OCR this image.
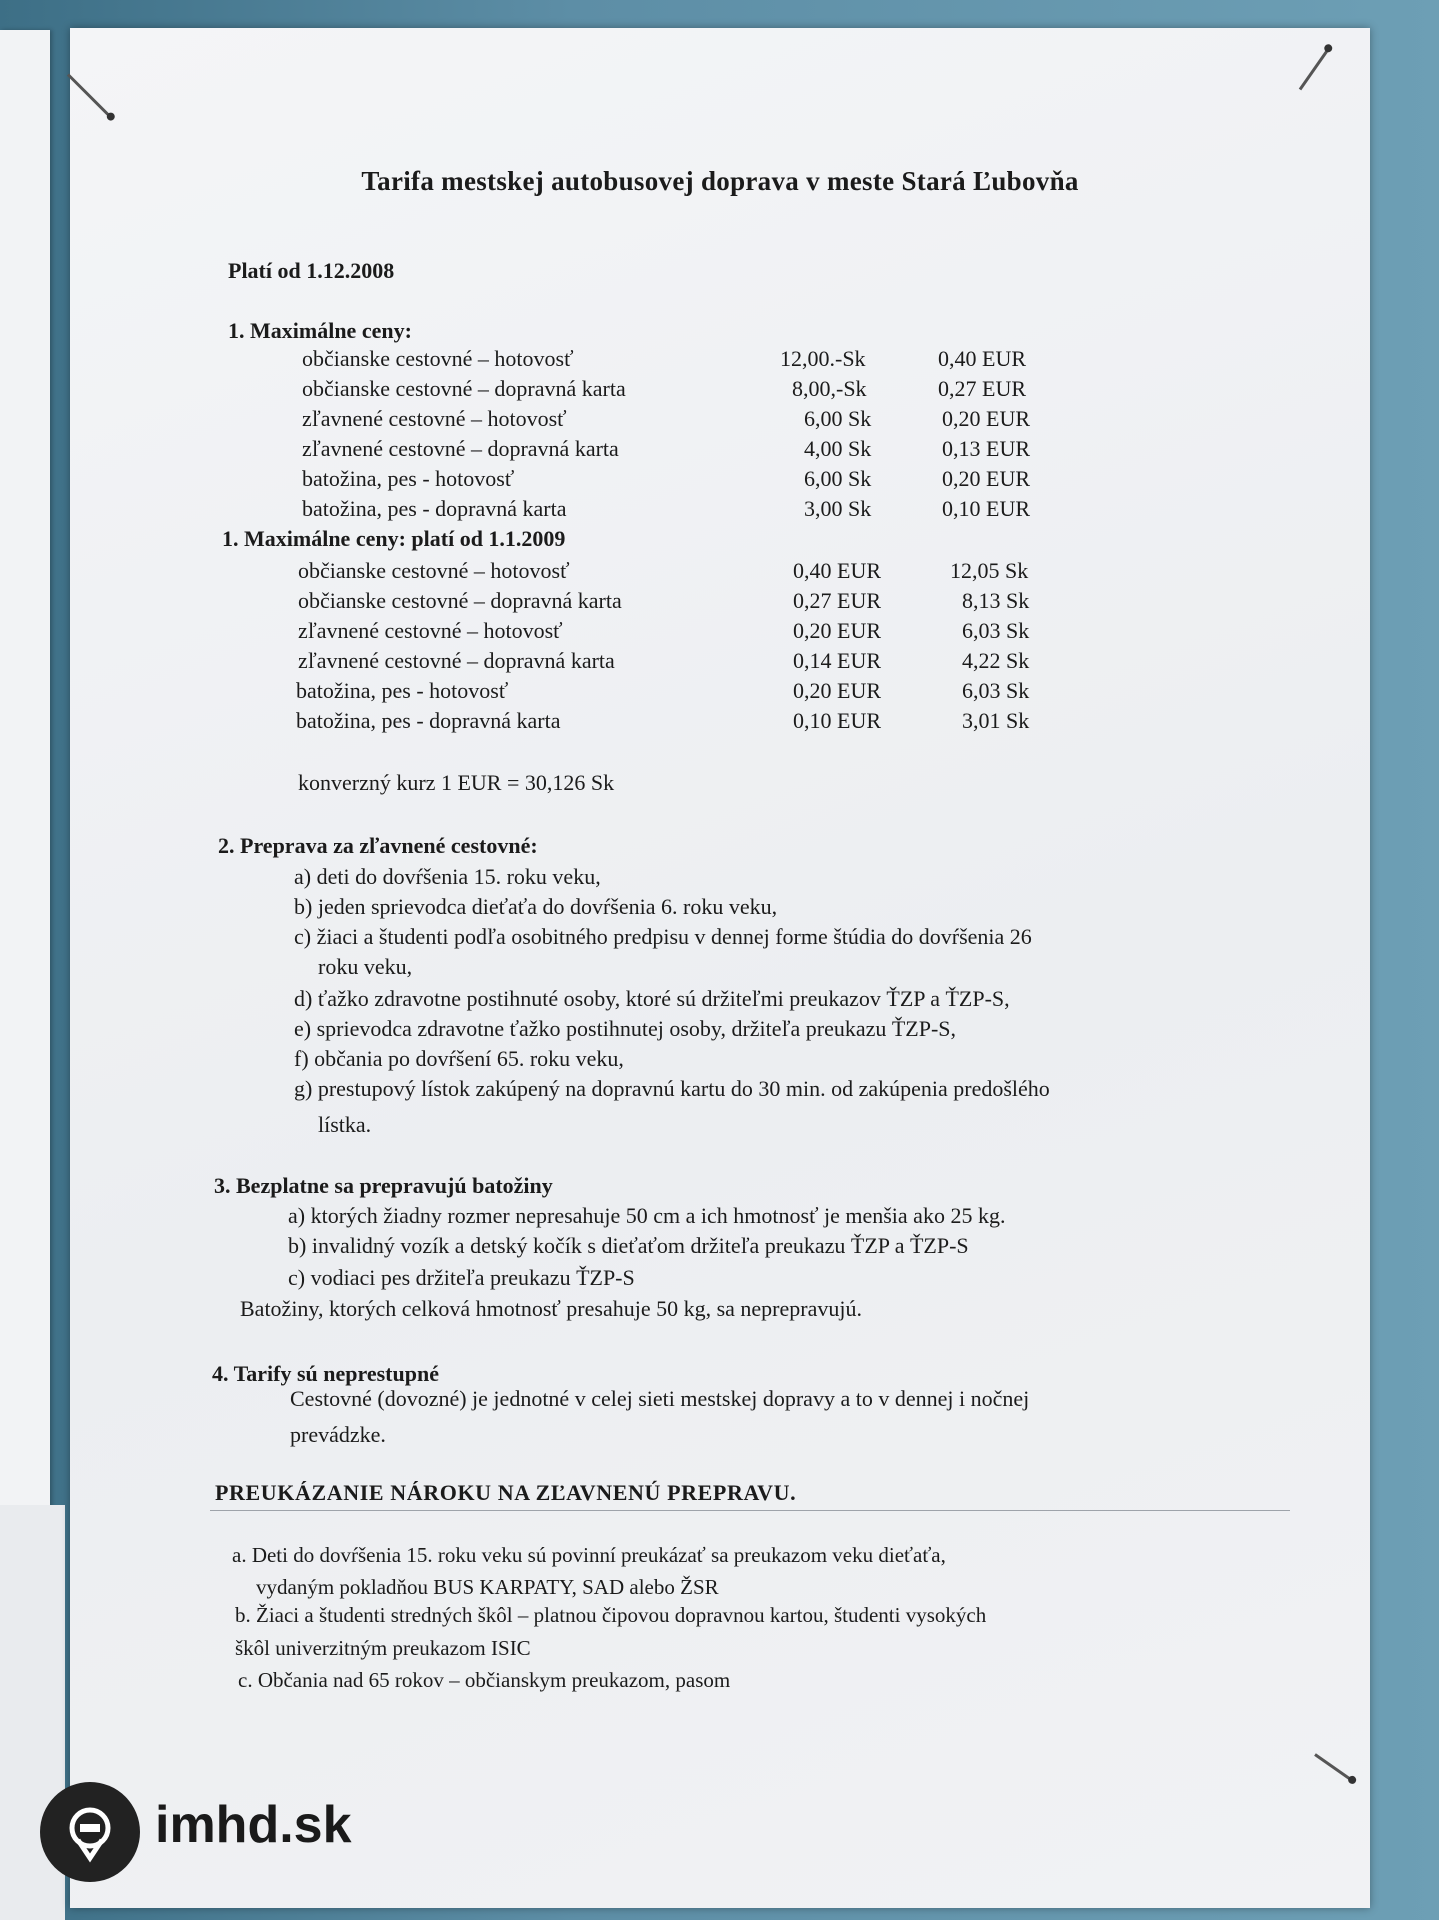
Tarifa mestskej autobusovej doprava v meste Stará Ľubovňa
Platí od 1.12.2008
1. Maximálne ceny:
občianske cestovné – hotovosť	12,00.-Sk	0,40 EUR
občianske cestovné – dopravná karta	8,00,-Sk	0,27 EUR
zľavnené cestovné – hotovosť	6,00 Sk	0,20 EUR
zľavnené cestovné – dopravná karta	4,00 Sk	0,13 EUR
batožina, pes - hotovosť	6,00 Sk	0,20 EUR
batožina, pes - dopravná karta	3,00 Sk	0,10 EUR
1. Maximálne ceny: platí od 1.1.2009
občianske cestovné – hotovosť	0,40 EUR	12,05 Sk
občianske cestovné – dopravná karta	0,27 EUR	8,13 Sk
zľavnené cestovné – hotovosť	0,20 EUR	6,03 Sk
zľavnené cestovné – dopravná karta	0,14 EUR	4,22 Sk
batožina, pes - hotovosť	0,20 EUR	6,03 Sk
batožina, pes - dopravná karta	0,10 EUR	3,01 Sk
konverzný kurz 1 EUR = 30,126 Sk
2. Preprava za zľavnené cestovné:
a) deti do dovŕšenia 15. roku veku,
b) jeden sprievodca dieťaťa do dovŕšenia 6. roku veku,
c) žiaci a študenti podľa osobitného predpisu v dennej forme štúdia do dovŕšenia 26
roku veku,
d) ťažko zdravotne postihnuté osoby, ktoré sú držiteľmi preukazov ŤZP a ŤZP-S,
e) sprievodca zdravotne ťažko postihnutej osoby, držiteľa preukazu ŤZP-S,
f) občania po dovŕšení 65. roku veku,
g) prestupový lístok zakúpený na dopravnú kartu do 30 min. od zakúpenia predošlého
lístka.
3. Bezplatne sa prepravujú batožiny
a) ktorých žiadny rozmer nepresahuje 50 cm a ich hmotnosť je menšia ako 25 kg.
b) invalidný vozík a detský kočík s dieťaťom držiteľa preukazu ŤZP a ŤZP-S
c) vodiaci pes držiteľa preukazu ŤZP-S
Batožiny, ktorých celková hmotnosť presahuje 50 kg, sa neprepravujú.
4. Tarify sú neprestupné
Cestovné (dovozné) je jednotné v celej sieti mestskej dopravy a to v dennej i nočnej
prevádzke.
PREUKÁZANIE NÁROKU NA ZĽAVNENÚ PREPRAVU.
a. Deti do dovŕšenia 15. roku veku sú povinní preukázať sa preukazom veku dieťaťa,
vydaným pokladňou BUS KARPATY, SAD alebo ŽSR
b. Žiaci a študenti stredných škôl – platnou čipovou dopravnou kartou, študenti vysokých
škôl univerzitným preukazom ISIC
c. Občania nad 65 rokov – občianskym preukazom, pasom
imhd.sk
